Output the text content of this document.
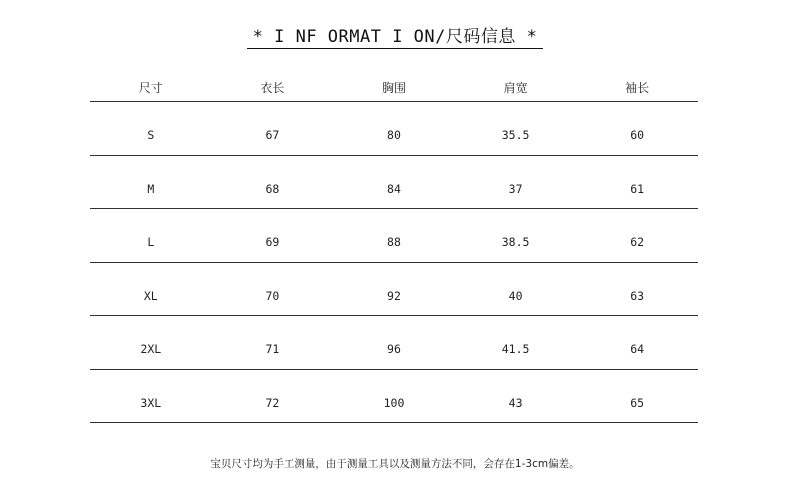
* I NF ORMAT I ON/尺码信息 *
尺寸	衣长	胸围	肩宽	袖长
S	67	80	35.5	60
M	68	84	37	61
L	69	88	38.5	62
XL	70	92	40	63
2XL	71	96	41.5	64
3XL	72	100	43	65
宝贝尺寸均为手工测量，由于测量工具以及测量方法不同，会存在1-3cm偏差。
